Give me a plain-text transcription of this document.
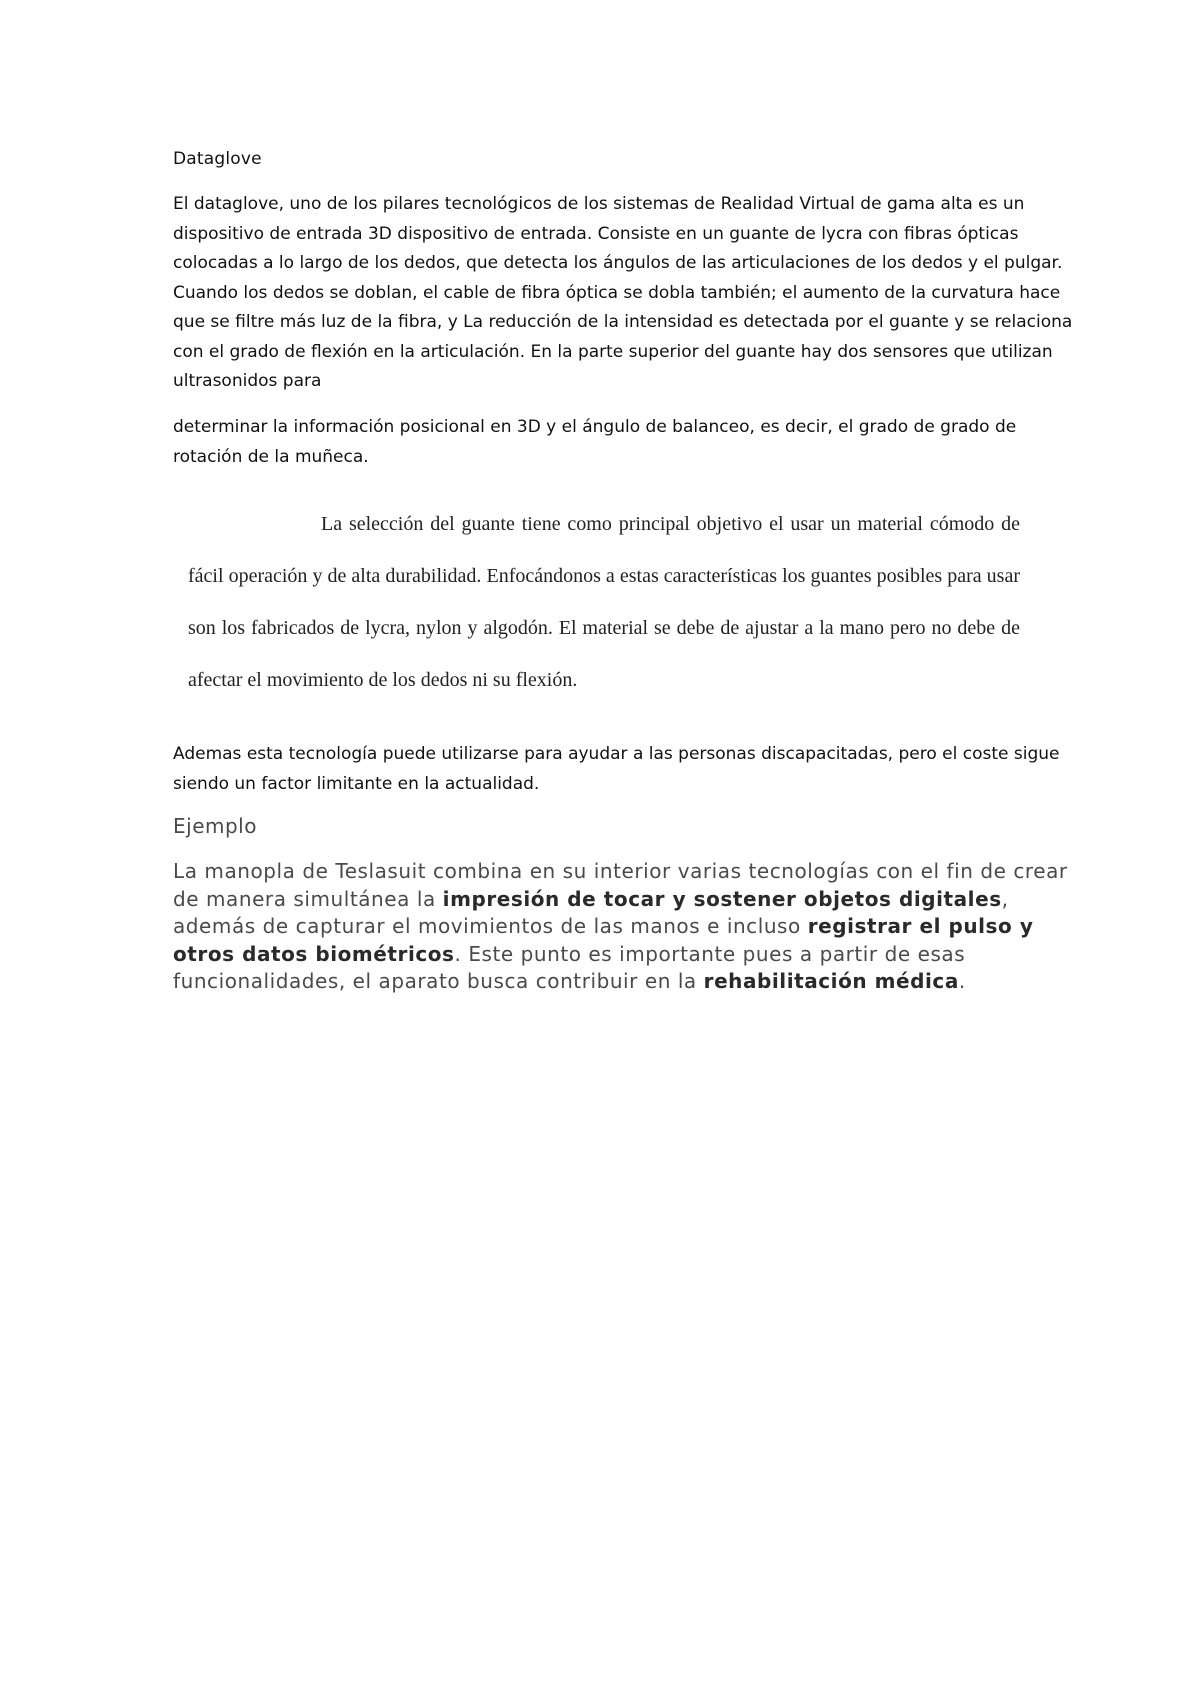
Dataglove

El dataglove, uno de los pilares tecnológicos de los sistemas de Realidad Virtual de gama alta es un dispositivo de entrada 3D dispositivo de entrada. Consiste en un guante de lycra con fibras ópticas colocadas a lo largo de los dedos, que detecta los ángulos de las articulaciones de los dedos y el pulgar. Cuando los dedos se doblan, el cable de fibra óptica se dobla también; el aumento de la curvatura hace que se filtre más luz de la fibra, y La reducción de la intensidad es detectada por el guante y se relaciona con el grado de flexión en la articulación. En la parte superior del guante hay dos sensores que utilizan ultrasonidos para

determinar la información posicional en 3D y el ángulo de balanceo, es decir, el grado de grado de rotación de la muñeca.

La selección del guante tiene como principal objetivo el usar un material cómodo de fácil operación y de alta durabilidad. Enfocándonos a estas características los guantes posibles para usar son los fabricados de lycra, nylon y algodón. El material se debe de ajustar a la mano pero no debe de afectar el movimiento de los dedos ni su flexión.

Ademas esta tecnología puede utilizarse para ayudar a las personas discapacitadas, pero el coste sigue siendo un factor limitante en la actualidad.

Ejemplo

La manopla de Teslasuit combina en su interior varias tecnologías con el fin de crear de manera simultánea la impresión de tocar y sostener objetos digitales, además de capturar el movimientos de las manos e incluso registrar el pulso y otros datos biométricos. Este punto es importante pues a partir de esas funcionalidades, el aparato busca contribuir en la rehabilitación médica.
